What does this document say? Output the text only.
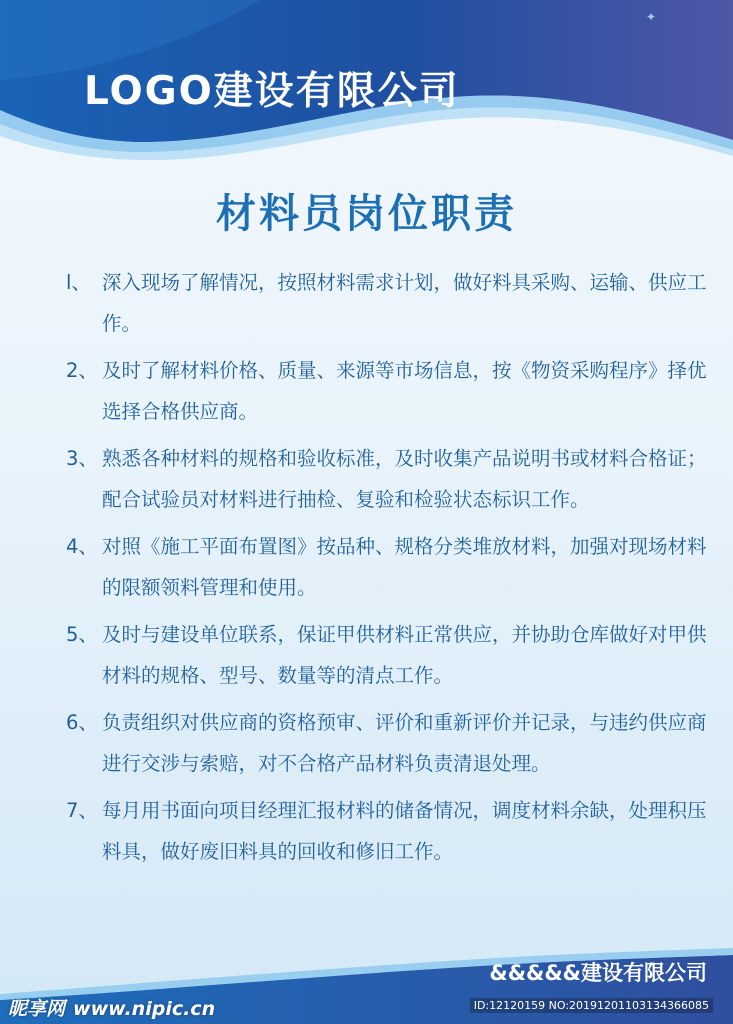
✦
LOGO建设有限公司
材料员岗位职责
l、 深入现场了解情况，按照材料需求计划，做好料具采购、运输、供应工作。
2、 及时了解材料价格、质量、来源等市场信息，按《物资采购程序》择优选择合格供应商。
3、 熟悉各种材料的规格和验收标准，及时收集产品说明书或材料合格证；配合试验员对材料进行抽检、复验和检验状态标识工作。
4、 对照《施工平面布置图》按品种、规格分类堆放材料，加强对现场材料的限额领料管理和使用。
5、 及时与建设单位联系，保证甲供材料正常供应，并协助仓库做好对甲供材料的规格、型号、数量等的清点工作。
6、 负责组织对供应商的资格预审、评价和重新评价并记录，与违约供应商进行交涉与索赔，对不合格产品材料负责清退处理。
7、 每月用书面向项目经理汇报材料的储备情况，调度材料余缺，处理积压料具，做好废旧料具的回收和修旧工作。
&&&&&建设有限公司
昵享网 www.nipic.cn	ID:12120159 NO:20191201103134366085
